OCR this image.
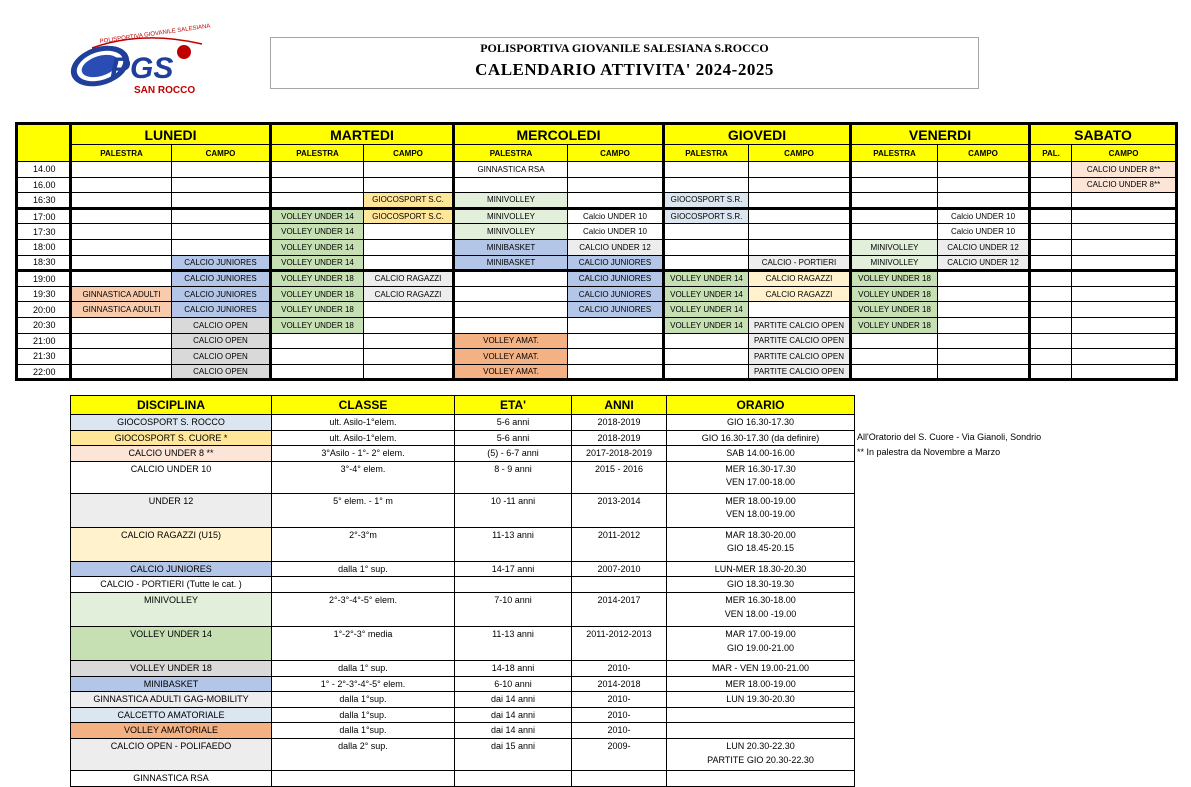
PGS
POLISPORTIVA GIOVANILE SALESIANA
SAN ROCCO
POLISPORTIVA GIOVANILE SALESIANA S.ROCCO
CALENDARIO ATTIVITA' 2024-2025
	LUNEDI		MARTEDI		MERCOLEDI		GIOVEDI		VENERDI		SABATO	
	PALESTRA	CAMPO	PALESTRA	CAMPO	PALESTRA	CAMPO	PALESTRA	CAMPO	PALESTRA	CAMPO	PAL.	CAMPO
14.00					GINNASTICA RSA							CALCIO UNDER 8**
16.00												CALCIO UNDER 8**
16:30				GIOCOSPORT S.C.	MINIVOLLEY		GIOCOSPORT S.R.					
17:00			VOLLEY UNDER 14	GIOCOSPORT S.C.	MINIVOLLEY	Calcio UNDER 10	GIOCOSPORT S.R.			Calcio UNDER 10		
17:30			VOLLEY UNDER 14		MINIVOLLEY	Calcio UNDER 10				Calcio UNDER 10		
18:00			VOLLEY UNDER 14		MINIBASKET	CALCIO UNDER 12			MINIVOLLEY	CALCIO UNDER 12		
18:30		CALCIO JUNIORES	VOLLEY UNDER 14		MINIBASKET	CALCIO JUNIORES		CALCIO - PORTIERI	MINIVOLLEY	CALCIO UNDER 12		
19:00		CALCIO JUNIORES	VOLLEY UNDER 18	CALCIO RAGAZZI		CALCIO JUNIORES	VOLLEY UNDER 14	CALCIO RAGAZZI	VOLLEY UNDER 18			
19:30	GINNASTICA ADULTI	CALCIO JUNIORES	VOLLEY UNDER 18	CALCIO RAGAZZI		CALCIO JUNIORES	VOLLEY UNDER 14	CALCIO RAGAZZI	VOLLEY UNDER 18			
20:00	GINNASTICA ADULTI	CALCIO JUNIORES	VOLLEY UNDER 18			CALCIO JUNIORES	VOLLEY UNDER 14		VOLLEY UNDER 18			
20:30		CALCIO OPEN	VOLLEY UNDER 18				VOLLEY UNDER 14	PARTITE CALCIO OPEN	VOLLEY UNDER 18			
21:00		CALCIO OPEN			VOLLEY AMAT.			PARTITE CALCIO OPEN				
21:30		CALCIO OPEN			VOLLEY AMAT.			PARTITE CALCIO OPEN				
22:00		CALCIO OPEN			VOLLEY AMAT.			PARTITE CALCIO OPEN				
DISCIPLINA	CLASSE	ETA'	ANNI	ORARIO
GIOCOSPORT S. ROCCO	ult. Asilo-1°elem.	5-6 anni	2018-2019	GIO 16.30-17.30

GIOCOSPORT S. CUORE *	ult. Asilo-1°elem.	5-6 anni	2018-2019	GIO 16.30-17.30 (da definire)

CALCIO UNDER 8 **	3°Asilo - 1°- 2° elem.	(5) - 6-7 anni	2017-2018-2019	SAB 14.00-16.00

CALCIO UNDER 10	3°-4° elem.	8 - 9 anni	2015 - 2016	MER 16.30-17.30
VEN 17.00-18.00

UNDER 12	5° elem. - 1° m	10 -11 anni	2013-2014	MER 18.00-19.00
VEN 18.00-19.00

CALCIO RAGAZZI (U15)	2°-3°m	11-13 anni	2011-2012	MAR 18.30-20.00
GIO 18.45-20.15

CALCIO JUNIORES	dalla 1° sup.	14-17 anni	2007-2010	LUN-MER 18.30-20.30

CALCIO - PORTIERI (Tutte le cat. )				GIO 18.30-19.30

MINIVOLLEY	2°-3°-4°-5° elem.	7-10 anni	2014-2017	MER 16.30-18.00
VEN 18.00 -19.00

VOLLEY UNDER 14	1°-2°-3° media	11-13 anni	2011-2012-2013	MAR 17.00-19.00
GIO 19.00-21.00

VOLLEY UNDER 18	dalla 1° sup.	14-18 anni	2010-	MAR - VEN 19.00-21.00

MINIBASKET	1° - 2°-3°-4°-5° elem.	6-10 anni	2014-2018	MER 18.00-19.00

GINNASTICA ADULTI GAG-MOBILITY	dalla 1°sup.	dai 14 anni	2010-	LUN 19.30-20.30

CALCETTO AMATORIALE	dalla 1°sup.	dai 14 anni	2010-	

VOLLEY AMATORIALE	dalla 1°sup.	dai 14 anni	2010-	

CALCIO OPEN - POLIFAEDO	dalla 2° sup.	dai 15 anni	2009-	LUN 20.30-22.30
PARTITE GIO 20.30-22.30

GINNASTICA RSA				
All'Oratorio del S. Cuore - Via Gianoli, Sondrio
** In palestra da Novembre a Marzo
